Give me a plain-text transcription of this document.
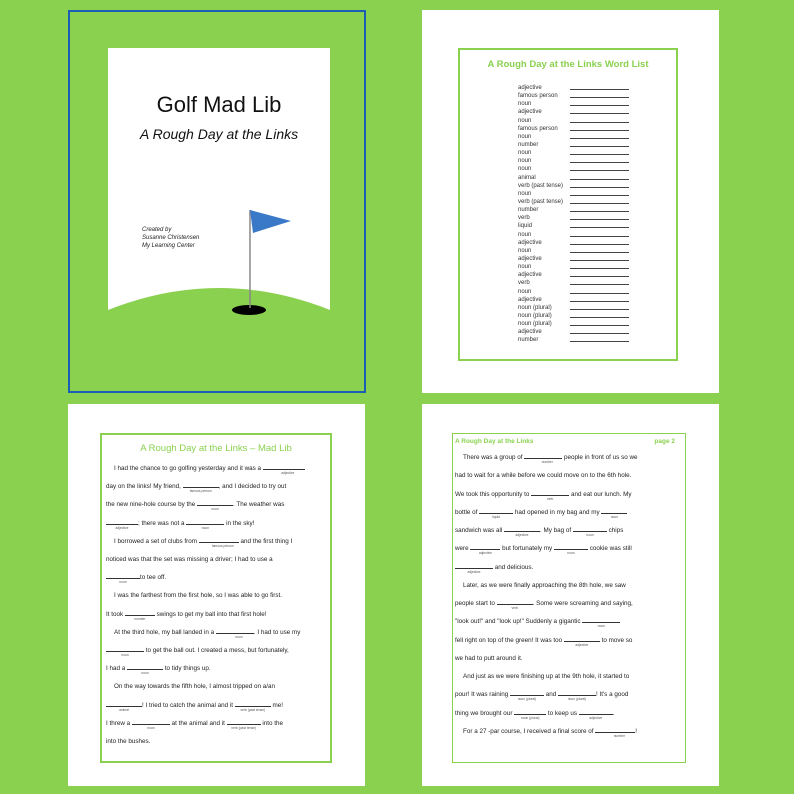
Golf Mad Lib
A Rough Day at the Links
Created by
Susanne Christensen
My Learning Center
A Rough Day at the Links Word List
adjective
famous person
noun
adjective
noun
famous person
noun
number
noun
noun
noun
animal
verb (past tense)
noun
verb (past tense)
number
verb
liquid
noun
adjective
noun
adjective
noun
adjective
verb
noun
adjective
noun (plural)
noun (plural)
noun (plural)
adjective
number
A Rough Day at the Links – Mad Lib

I had the chance to go golfing yesterday and it was a
adjective

day on the links! My friend,
famous person
, and I decided to try out

the new nine-hole course by the
noun
. The weather was

adjective
; there was not a
noun
in the sky!

I borrowed a set of clubs from
famous person
and the first thing I

noticed was that the set was missing a driver; I had to use a

noun
to tee off.

I was the farthest from the first hole, so I was able to go first.

It took
number
swings to get my ball into that first hole!

At the third hole, my ball landed in a
noun
. I had to use my

noun
to get the ball out. I created a mess, but fortunately,

I had a
noun
to tidy things up.

On the way towards the fifth hole, I almost tripped on a/an

animal
! I tried to catch the animal and it
verb (past tense)
me!

I threw a
noun
at the animal and it
verb (past tense)
into the

into the bushes.

A Rough Day at the Links	page 2

There was a group of
number
people in front of us so we

had to wait for a while before we could move on to the 6th hole.

We took this opportunity to
verb
and eat our lunch. My

bottle of
liquid
had opened in my bag and my
noun

sandwich was all
adjective
. My bag of
noun
chips

were
adjective
but fortunately my
noun
cookie was still

adjective
and delicious.

Later, as we were finally approaching the 8th hole, we saw

people start to
verb
. Some were screaming and saying,

"look out!" and "look up!" Suddenly a gigantic
noun

fell right on top of the green! It was too
adjective
to move so

we had to putt around it.

And just as we were finishing up at the 9th hole, it started to

pour! It was raining
noun (plural)
and
noun (plural)
! It's a good

thing we brought our
noun (plural)
to keep us
adjective
.

For a 27 -par course, I received a final score of
number
!
